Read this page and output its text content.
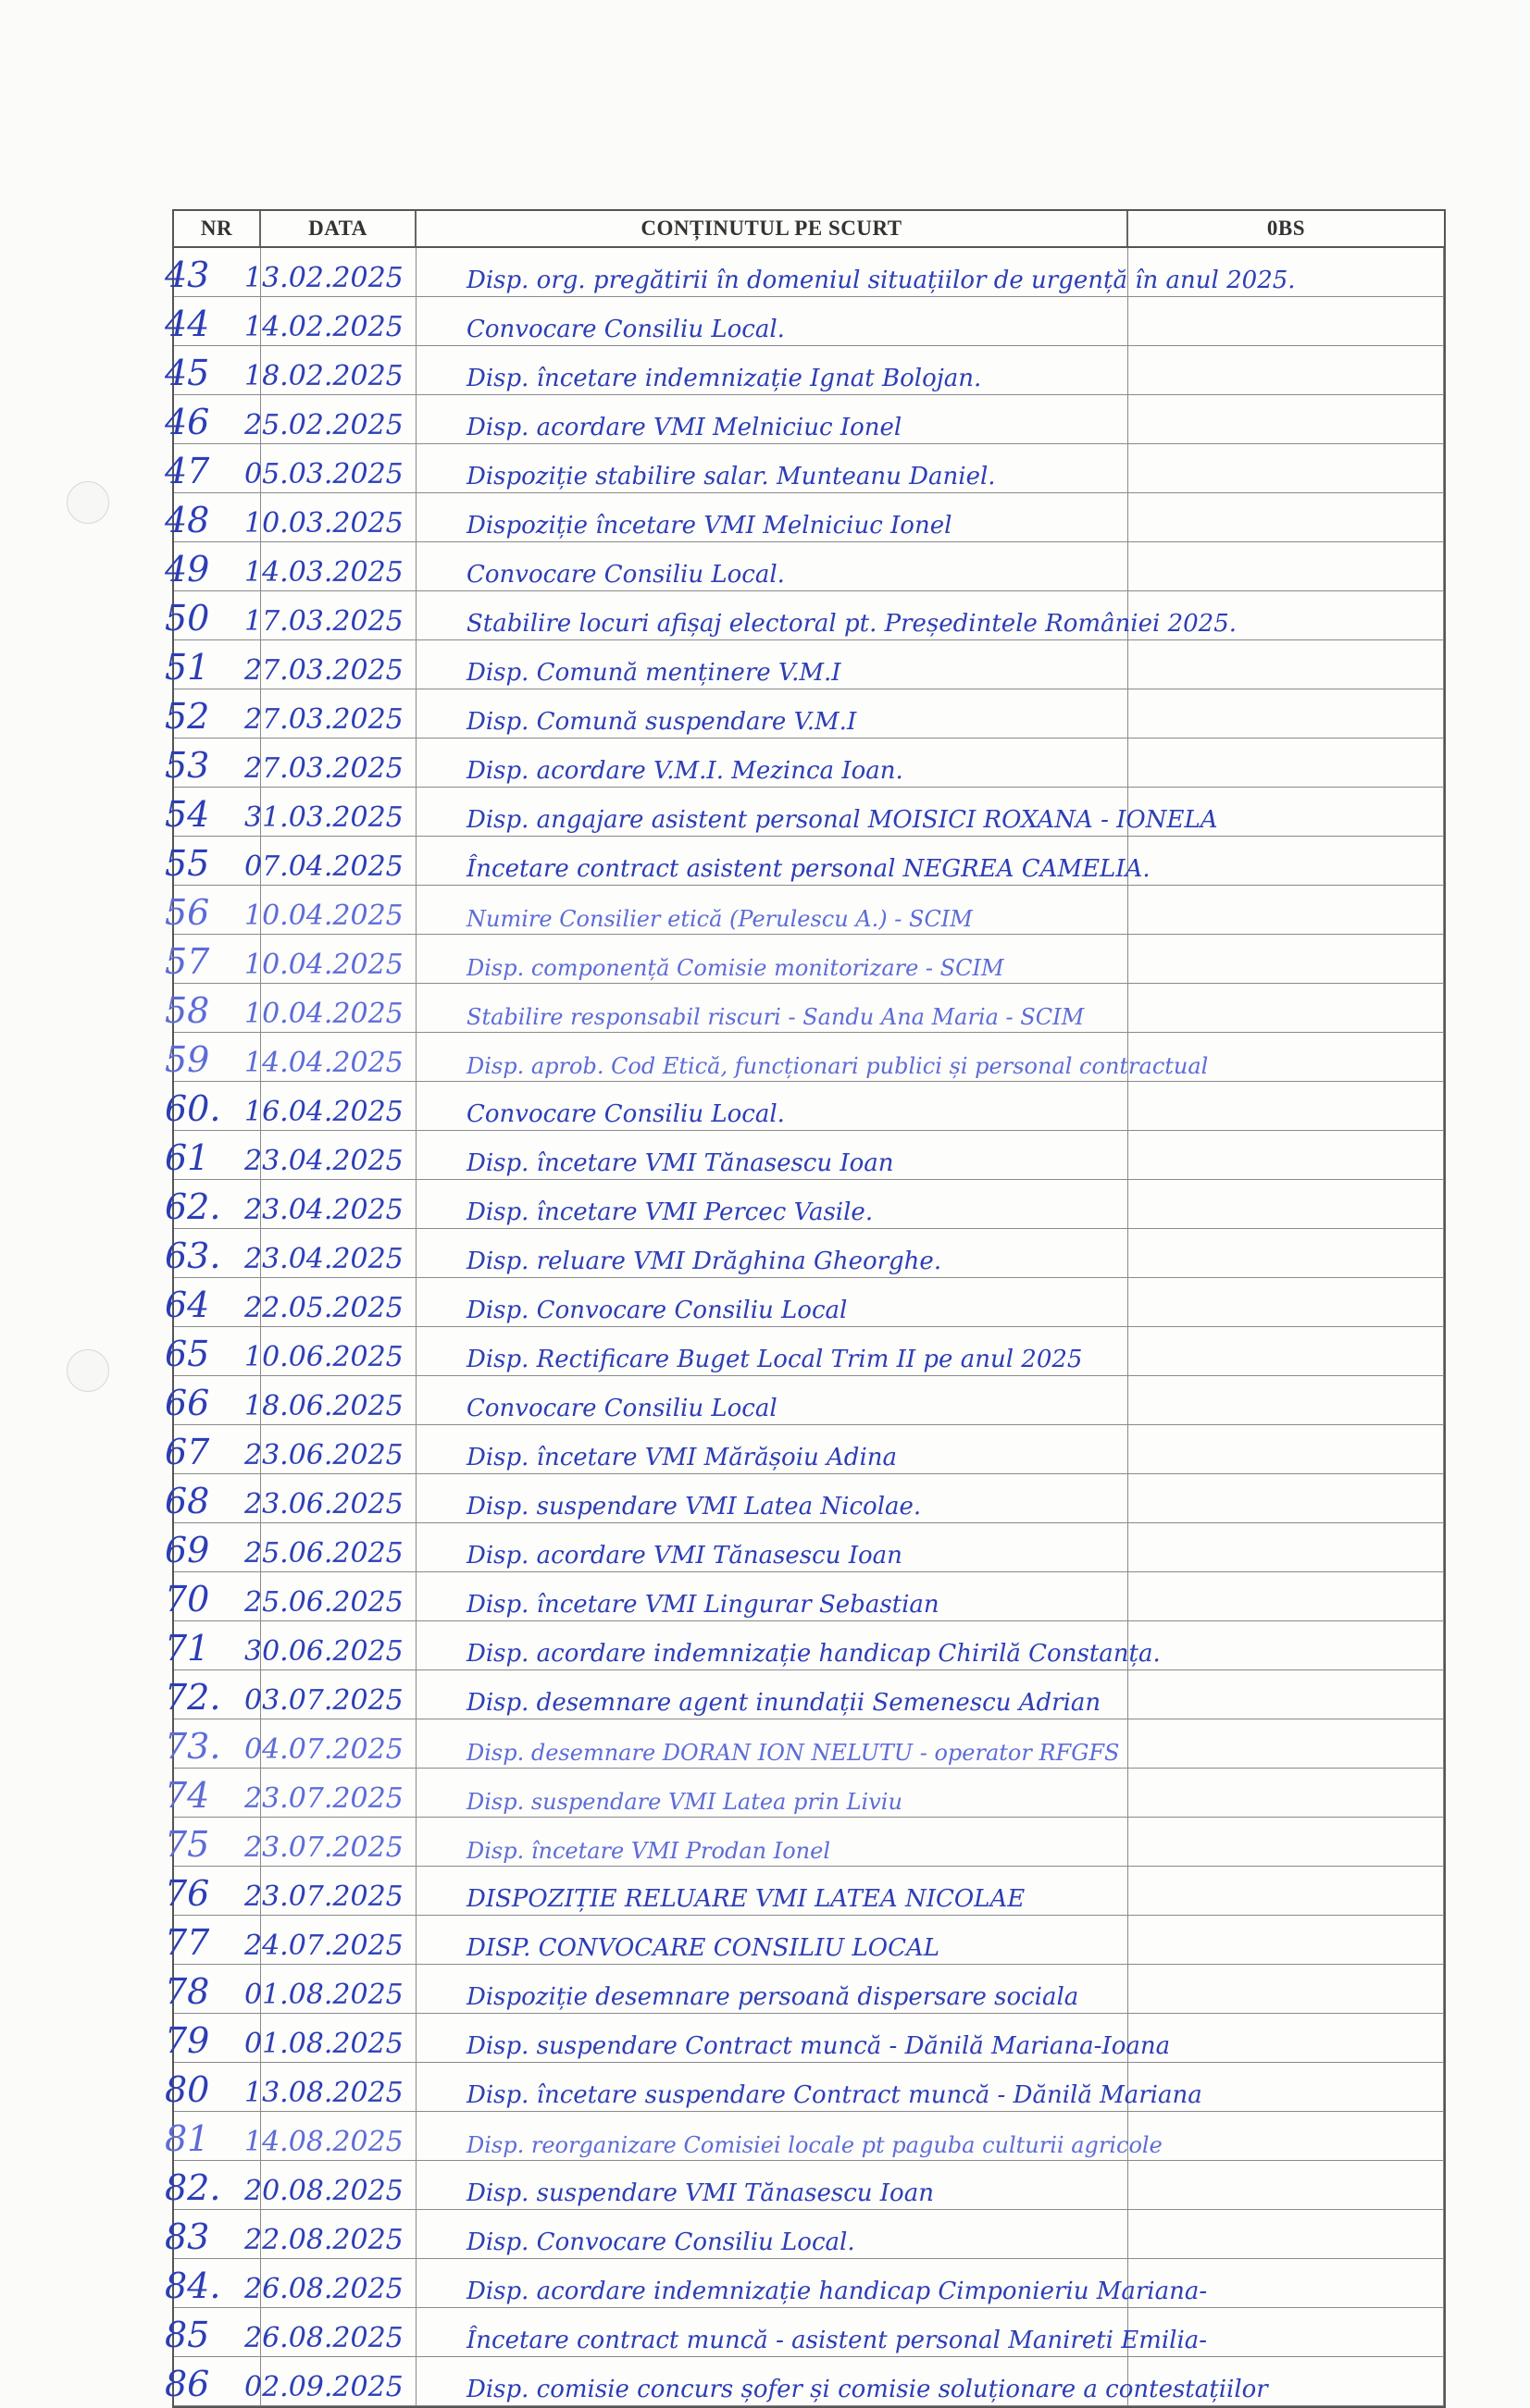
NR	DATA	CONȚINUTUL PE SCURT	0BS
43 13.02.2025	Disp. org. pregătirii în domeniul situațiilor de urgență în anul 2025.
44 14.02.2025	Convocare Consiliu Local.
45 18.02.2025	Disp. încetare indemnizație Ignat Bolojan.
46 25.02.2025	Disp. acordare VMI Melniciuc Ionel
47 05.03.2025	Dispoziție stabilire salar. Munteanu Daniel.
48 10.03.2025	Dispoziție încetare VMI Melniciuc Ionel
49 14.03.2025	Convocare Consiliu Local.
50 17.03.2025	Stabilire locuri afișaj electoral pt. Președintele României 2025.
51 27.03.2025	Disp. Comună menținere V.M.I
52 27.03.2025	Disp. Comună suspendare V.M.I
53 27.03.2025	Disp. acordare V.M.I. Mezinca Ioan.
54 31.03.2025	Disp. angajare asistent personal MOISICI ROXANA - IONELA
55 07.04.2025	Încetare contract asistent personal NEGREA CAMELIA.
56 10.04.2025	Numire Consilier etică (Perulescu A.) - SCIM
57 10.04.2025	Disp. componență Comisie monitorizare - SCIM
58 10.04.2025	Stabilire responsabil riscuri - Sandu Ana Maria - SCIM
59 14.04.2025	Disp. aprob. Cod Etică, funcționari publici și personal contractual
60. 16.04.2025	Convocare Consiliu Local.
61 23.04.2025	Disp. încetare VMI Tănasescu Ioan
62. 23.04.2025	Disp. încetare VMI Percec Vasile.
63. 23.04.2025	Disp. reluare VMI Drăghina Gheorghe.
64 22.05.2025	Disp. Convocare Consiliu Local
65 10.06.2025	Disp. Rectificare Buget Local Trim II pe anul 2025
66 18.06.2025	Convocare Consiliu Local
67 23.06.2025	Disp. încetare VMI Mărășoiu Adina
68 23.06.2025	Disp. suspendare VMI Latea Nicolae.
69 25.06.2025	Disp. acordare VMI Tănasescu Ioan
70 25.06.2025	Disp. încetare VMI Lingurar Sebastian
71 30.06.2025	Disp. acordare indemnizație handicap Chirilă Constanța.
72. 03.07.2025	Disp. desemnare agent inundații Semenescu Adrian
73. 04.07.2025	Disp. desemnare DORAN ION NELUTU - operator RFGFS
74 23.07.2025	Disp. suspendare VMI Latea prin Liviu
75 23.07.2025	Disp. încetare VMI Prodan Ionel
76 23.07.2025	DISPOZIȚIE RELUARE VMI LATEA NICOLAE
77 24.07.2025	DISP. CONVOCARE CONSILIU LOCAL
78 01.08.2025	Dispoziție desemnare persoană dispersare sociala
79 01.08.2025	Disp. suspendare Contract muncă - Dănilă Mariana-Ioana
80 13.08.2025	Disp. încetare suspendare Contract muncă - Dănilă Mariana
81 14.08.2025	Disp. reorganizare Comisiei locale pt paguba culturii agricole
82. 20.08.2025	Disp. suspendare VMI Tănasescu Ioan
83 22.08.2025	Disp. Convocare Consiliu Local.
84. 26.08.2025	Disp. acordare indemnizație handicap Cimponieriu Mariana-
85 26.08.2025	Încetare contract muncă - asistent personal Manireti Emilia-
86 02.09.2025	Disp. comisie concurs șofer și comisie soluționare a contestațiilor
